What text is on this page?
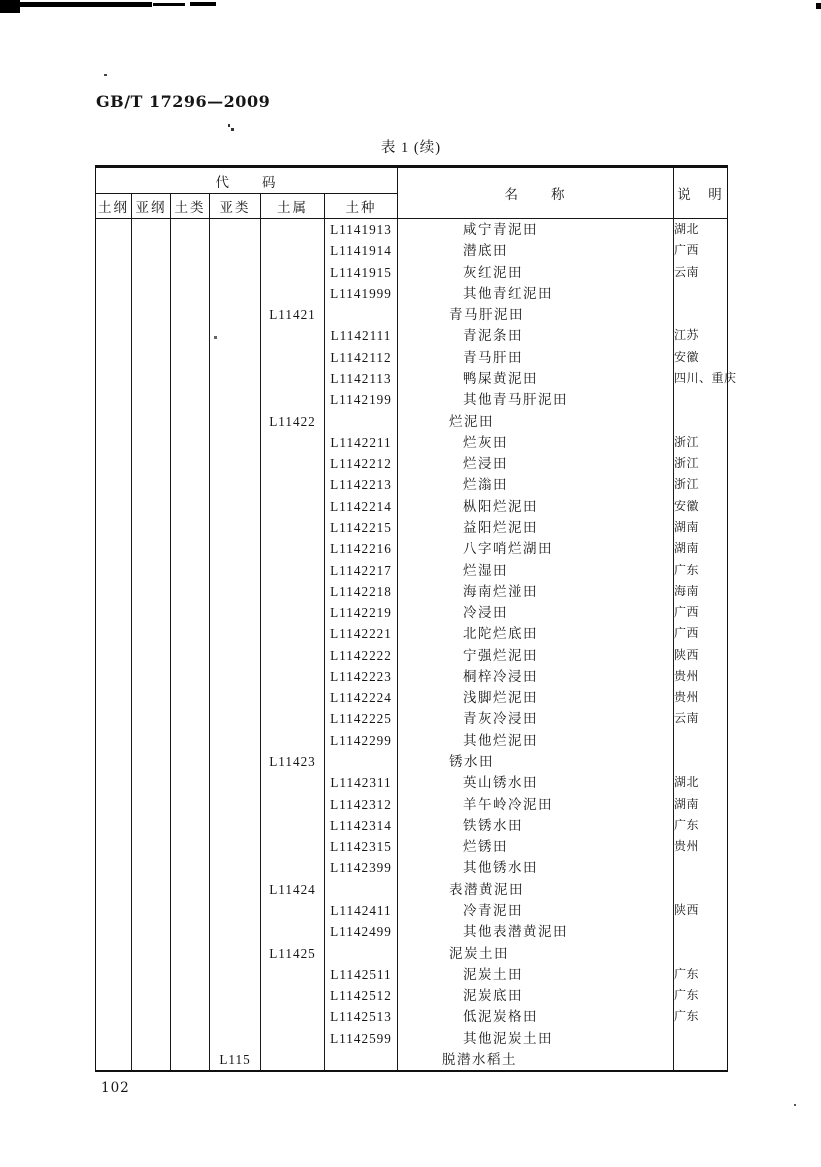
GB/T 17296—2009
表 1 (续)
代　　码						名　　称	说　明
土纲	亚纲	土类	亚类	土属	土种		
					L1141913	咸宁青泥田	湖北
					L1141914	潜底田	广西
					L1141915	灰红泥田	云南
					L1141999	其他青红泥田	
				L11421		青马肝泥田	
					L1142111	青泥条田	江苏
					L1142112	青马肝田	安徽
					L1142113	鸭屎黄泥田	四川、重庆
					L1142199	其他青马肝泥田	
				L11422		烂泥田	
					L1142211	烂灰田	浙江
					L1142212	烂浸田	浙江
					L1142213	烂滃田	浙江
					L1142214	枞阳烂泥田	安徽
					L1142215	益阳烂泥田	湖南
					L1142216	八字哨烂湖田	湖南
					L1142217	烂湿田	广东
					L1142218	海南烂湴田	海南
					L1142219	冷浸田	广西
					L1142221	北陀烂底田	广西
					L1142222	宁强烂泥田	陕西
					L1142223	桐梓冷浸田	贵州
					L1142224	浅脚烂泥田	贵州
					L1142225	青灰冷浸田	云南
					L1142299	其他烂泥田	
				L11423		锈水田	
					L1142311	英山锈水田	湖北
					L1142312	羊午岭冷泥田	湖南
					L1142314	铁锈水田	广东
					L1142315	烂锈田	贵州
					L1142399	其他锈水田	
				L11424		表潜黄泥田	
					L1142411	冷青泥田	陕西
					L1142499	其他表潜黄泥田	
				L11425		泥炭土田	
					L1142511	泥炭土田	广东
					L1142512	泥炭底田	广东
					L1142513	低泥炭格田	广东
					L1142599	其他泥炭土田	
			L115			脱潜水稻土	
102
